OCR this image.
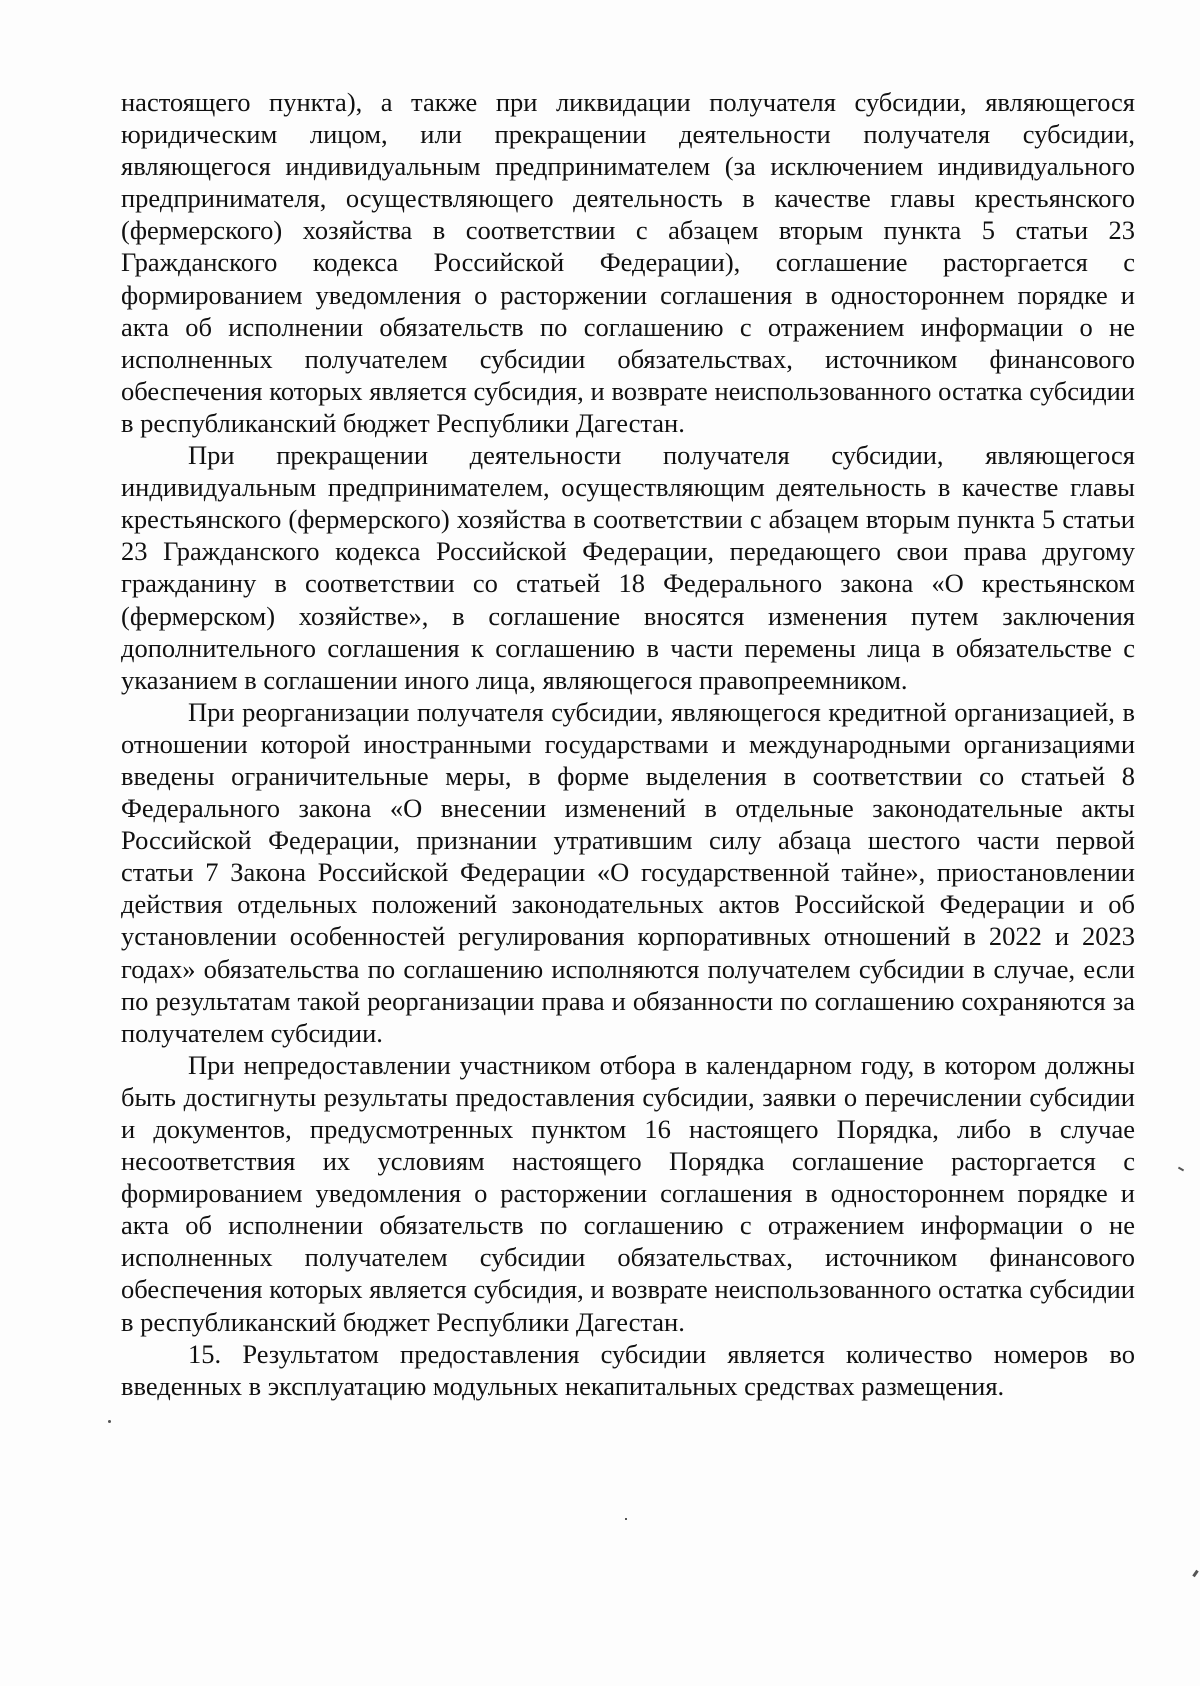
настоящего пункта), а также при ликвидации получателя субсидии, являющегося юридическим лицом, или прекращении деятельности получателя субсидии, являющегося индивидуальным предпринимателем (за исключением индивидуального предпринимателя, осуществляющего деятельность в качестве главы крестьянского (фермерского) хозяйства в соответствии с абзацем вторым пункта 5 статьи 23 Гражданского кодекса Российской Федерации), соглашение расторгается с формированием уведомления о расторжении соглашения в одностороннем порядке и акта об исполнении обязательств по соглашению с отражением информации о не исполненных получателем субсидии обязательствах, источником финансового обеспечения которых является субсидия, и возврате неиспользованного остатка субсидии в республиканский бюджет Республики Дагестан.

При прекращении деятельности получателя субсидии, являющегося индивидуальным предпринимателем, осуществляющим деятельность в качестве главы крестьянского (фермерского) хозяйства в соответствии с абзацем вторым пункта 5 статьи 23 Гражданского кодекса Российской Федерации, передающего свои права другому гражданину в соответствии со статьей 18 Федерального закона «О крестьянском (фермерском) хозяйстве», в соглашение вносятся изменения путем заключения дополнительного соглашения к соглашению в части перемены лица в обязательстве с указанием в соглашении иного лица, являющегося правопреемником.

При реорганизации получателя субсидии, являющегося кредитной организацией, в отношении которой иностранными государствами и международными организациями введены ограничительные меры, в форме выделения в соответствии со статьей 8 Федерального закона «О внесении изменений в отдельные законодательные акты Российской Федерации, признании утратившим силу абзаца шестого части первой статьи 7 Закона Российской Федерации «О государственной тайне», приостановлении действия отдельных положений законодательных актов Российской Федерации и об установлении особенностей регулирования корпоративных отношений в 2022 и 2023 годах» обязательства по соглашению исполняются получателем субсидии в случае, если по результатам такой реорганизации права и обязанности по соглашению сохраняются за получателем субсидии.

При непредоставлении участником отбора в календарном году, в котором должны быть достигнуты результаты предоставления субсидии, заявки о перечислении субсидии и документов, предусмотренных пунктом 16 настоящего Порядка, либо в случае несоответствия их условиям настоящего Порядка соглашение расторгается с формированием уведомления о расторжении соглашения в одностороннем порядке и акта об исполнении обязательств по соглашению с отражением информации о не исполненных получателем субсидии обязательствах, источником финансового обеспечения которых является субсидия, и возврате неиспользованного остатка субсидии в республиканский бюджет Республики Дагестан.

15. Результатом предоставления субсидии является количество номеров во введенных в эксплуатацию модульных некапитальных средствах размещения.
